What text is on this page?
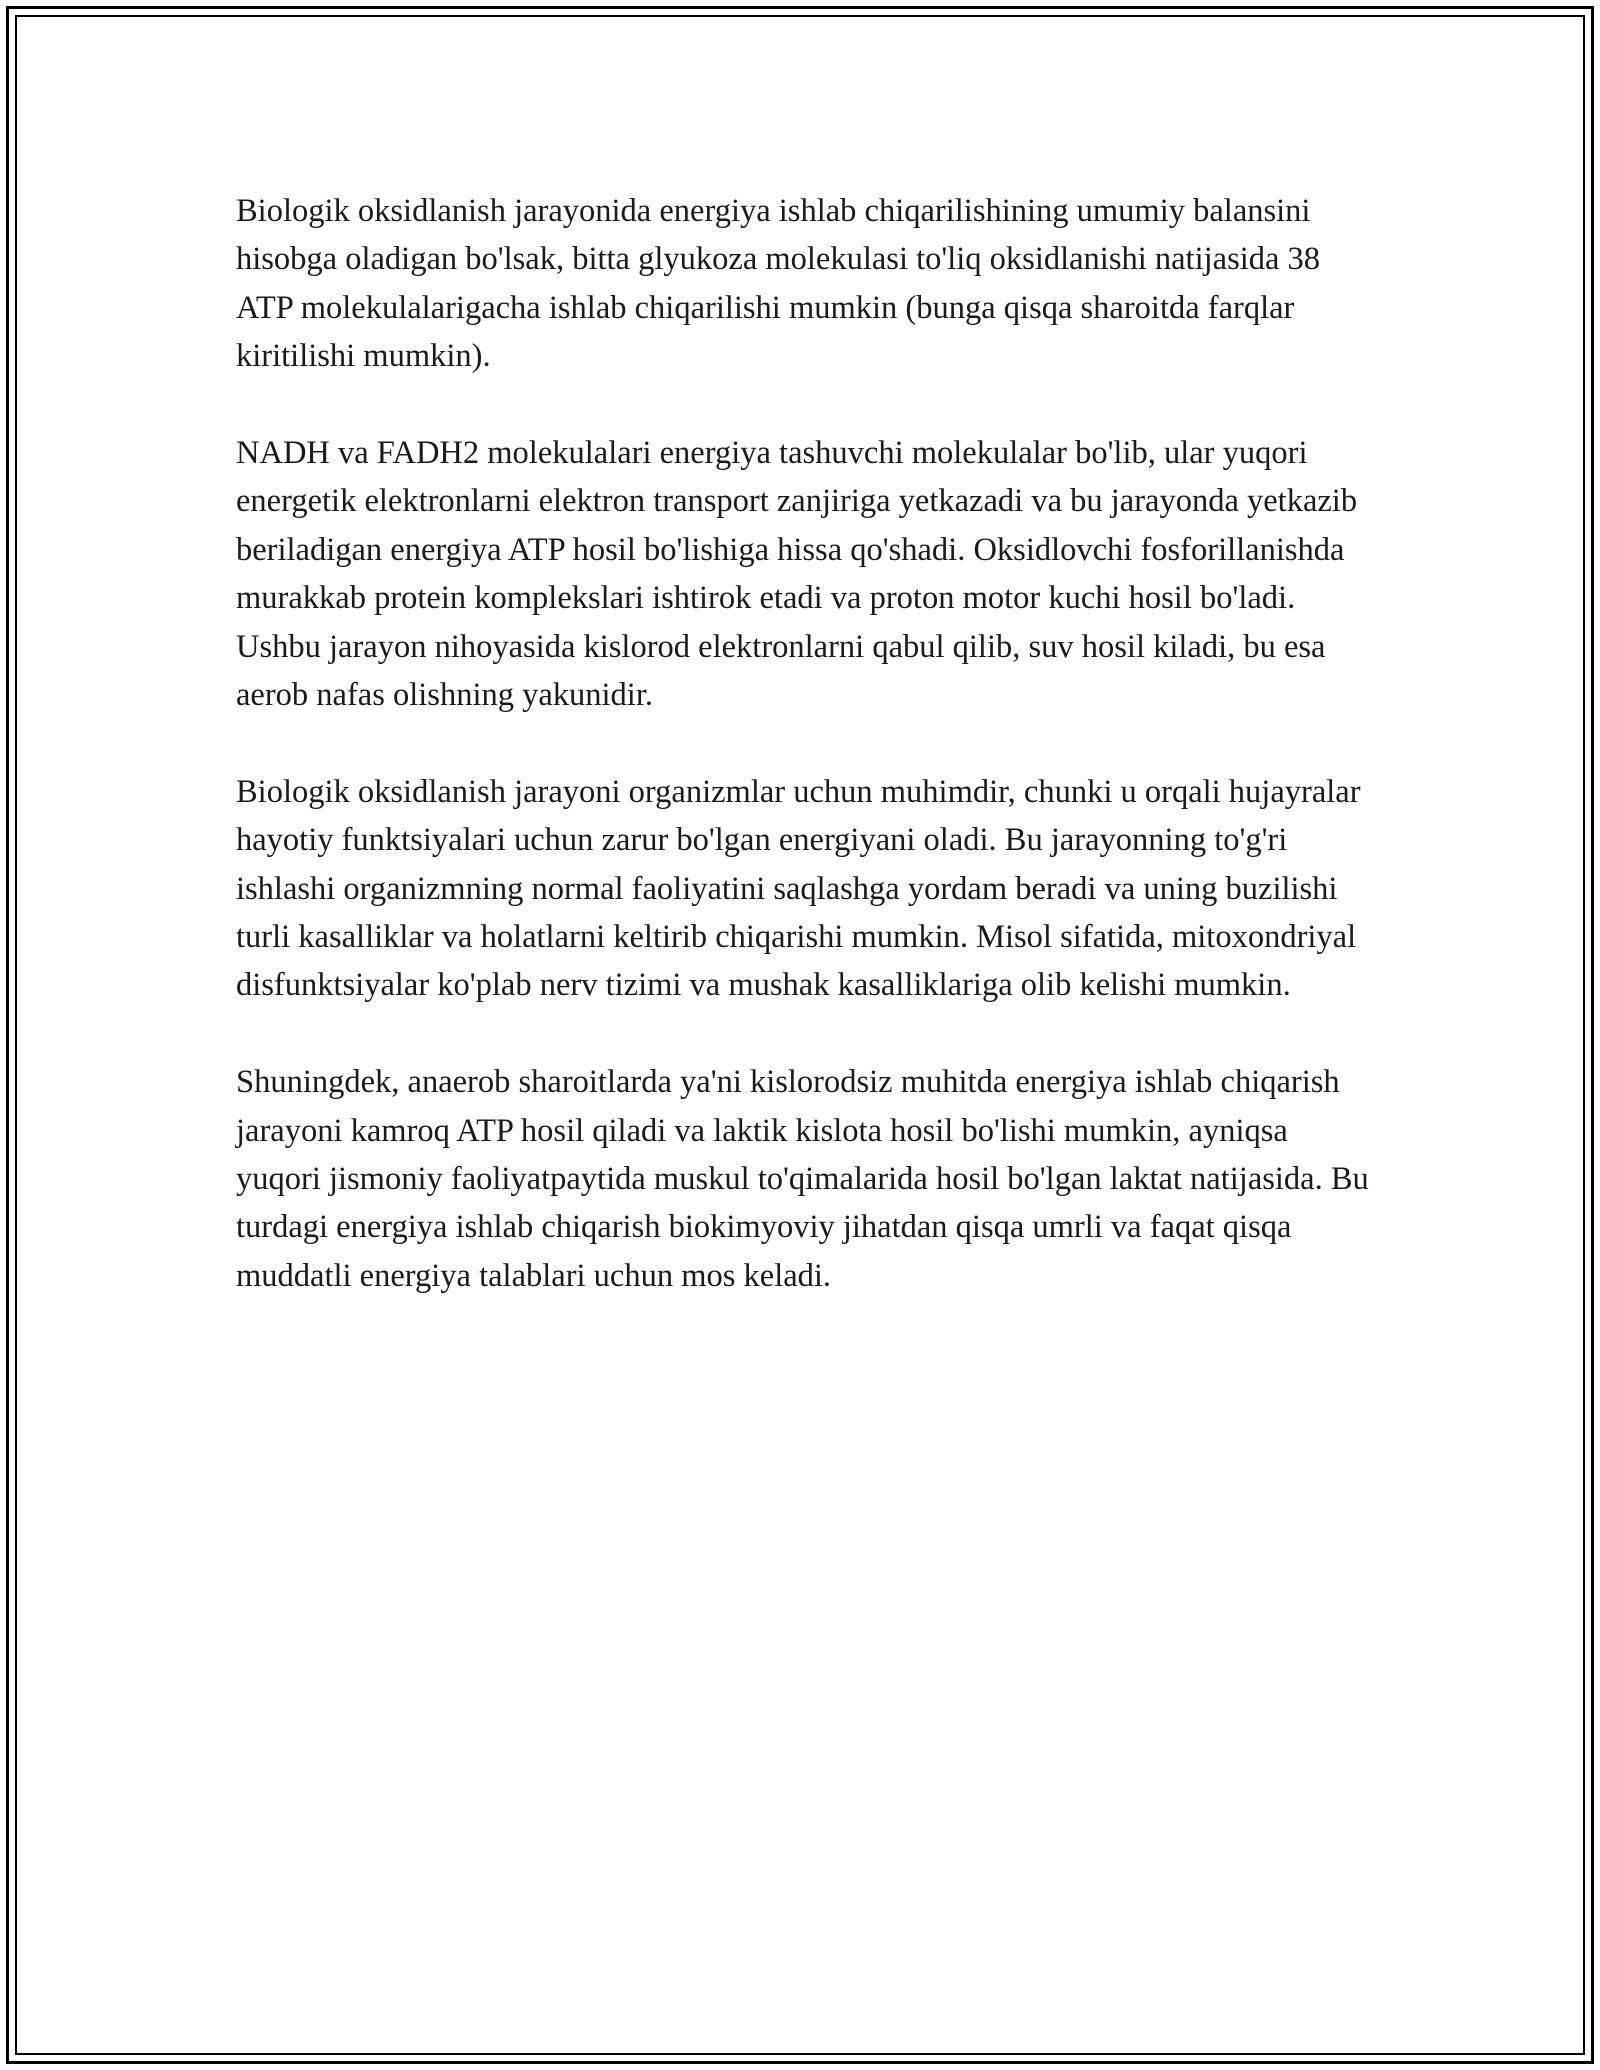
Biologik oksidlanish jarayonida energiya ishlab chiqarilishining umumiy balansini hisobga oladigan bo'lsak, bitta glyukoza molekulasi to'liq oksidlanishi natijasida 38 ATP molekulalarigacha ishlab chiqarilishi mumkin (bunga qisqa sharoitda farqlar kiritilishi mumkin).

NADH va FADH2 molekulalari energiya tashuvchi molekulalar bo'lib, ular yuqori energetik elektronlarni elektron transport zanjiriga yetkazadi va bu jarayonda yetkazib beriladigan energiya ATP hosil bo'lishiga hissa qo'shadi. Oksidlovchi fosforillanishda murakkab protein komplekslari ishtirok etadi va proton motor kuchi hosil bo'ladi. Ushbu jarayon nihoyasida kislorod elektronlarni qabul qilib, suv hosil kiladi, bu esa aerob nafas olishning yakunidir.

Biologik oksidlanish jarayoni organizmlar uchun muhimdir, chunki u orqali hujayralar hayotiy funktsiyalari uchun zarur bo'lgan energiyani oladi. Bu jarayonning to'g'ri ishlashi organizmning normal faoliyatini saqlashga yordam beradi va uning buzilishi turli kasalliklar va holatlarni keltirib chiqarishi mumkin. Misol sifatida, mitoxondriyal disfunktsiyalar ko'plab nerv tizimi va mushak kasalliklariga olib kelishi mumkin.

Shuningdek, anaerob sharoitlarda ya'ni kislorodsiz muhitda energiya ishlab chiqarish jarayoni kamroq ATP hosil qiladi va laktik kislota hosil bo'lishi mumkin, ayniqsa yuqori jismoniy faoliyatpaytida muskul to'qimalarida hosil bo'lgan laktat natijasida. Bu turdagi energiya ishlab chiqarish biokimyoviy jihatdan qisqa umrli va faqat qisqa muddatli energiya talablari uchun mos keladi.
